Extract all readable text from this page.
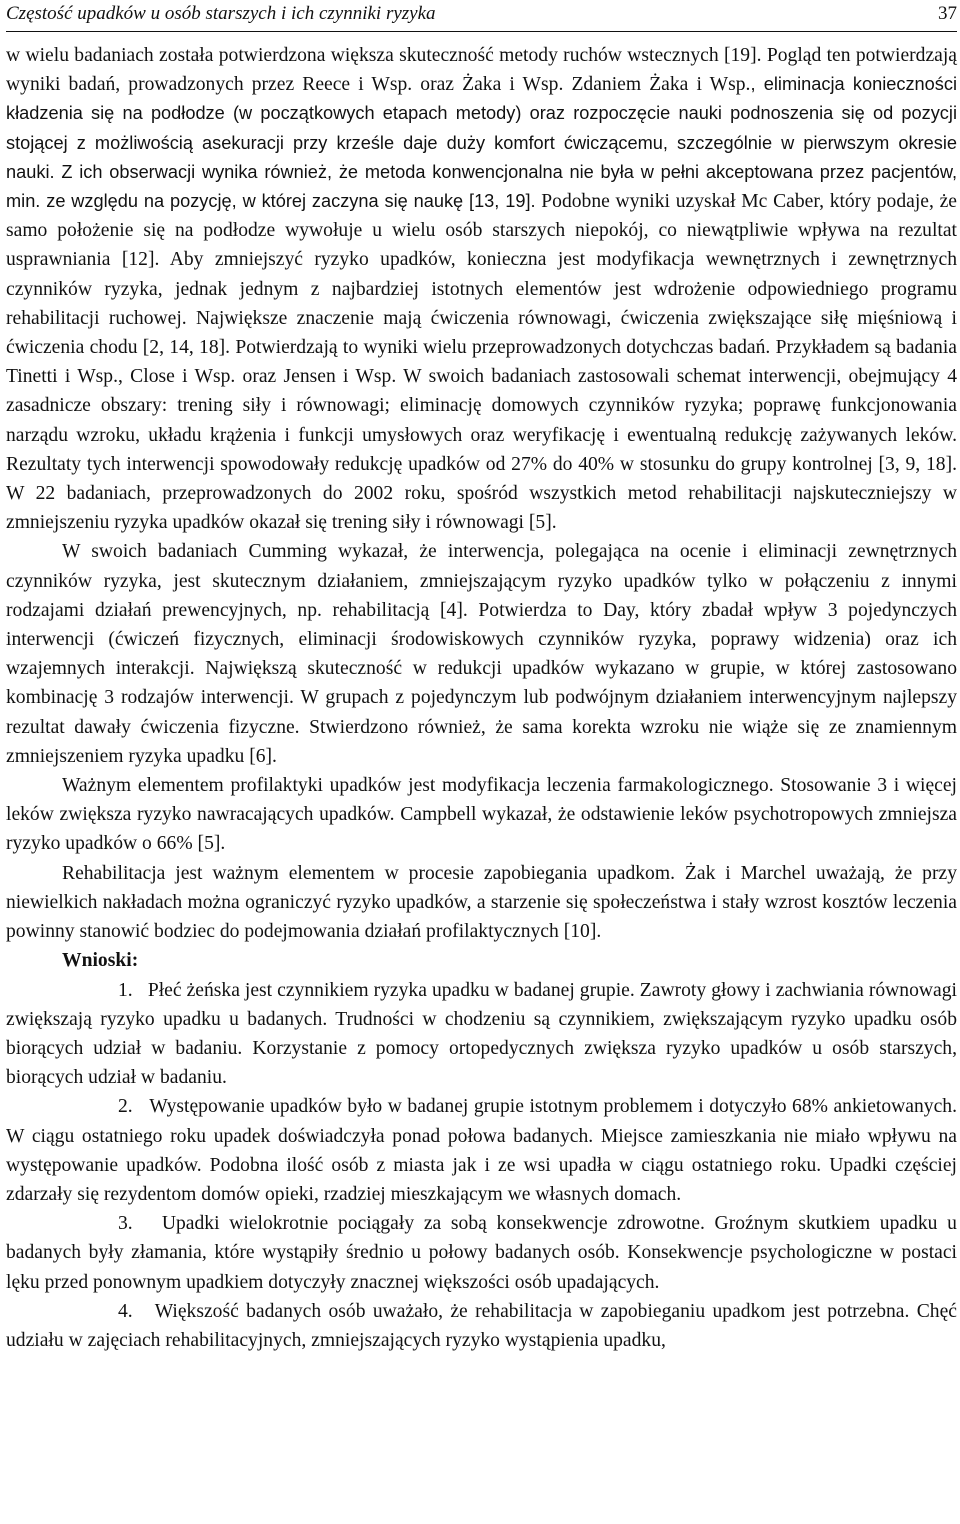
Częstość upadków u osób starszych i ich czynniki ryzyka	37

w wielu badaniach została potwierdzona większa skuteczność metody ruchów wstecznych [19]. Pogląd ten potwierdzają wyniki badań, prowadzonych przez Reece i Wsp. oraz Żaka i Wsp. Zdaniem Żaka i Wsp., eliminacja konieczności kładzenia się na podłodze (w początkowych etapach metody) oraz rozpoczęcie nauki podnoszenia się od pozycji stojącej z możliwością asekuracji przy krześle daje duży komfort ćwiczącemu, szczególnie w pierwszym okresie nauki. Z ich obserwacji wynika również, że metoda konwencjonalna nie była w pełni akceptowana przez pacjentów, min. ze względu na pozycję, w której zaczyna się naukę [13, 19]. Podobne wyniki uzyskał Mc Caber, który podaje, że samo położenie się na podłodze wywołuje u wielu osób starszych niepokój, co niewątpliwie wpływa na rezultat usprawniania [12]. Aby zmniejszyć ryzyko upadków, konieczna jest modyfikacja wewnętrznych i zewnętrznych czynników ryzyka, jednak jednym z najbardziej istotnych elementów jest wdrożenie odpowiedniego programu rehabilitacji ruchowej. Największe znaczenie mają ćwiczenia równowagi, ćwiczenia zwiększające siłę mięśniową i ćwiczenia chodu [2, 14, 18]. Potwierdzają to wyniki wielu przeprowadzonych dotychczas badań. Przykładem są badania Tinetti i Wsp., Close i Wsp. oraz Jensen i Wsp. W swoich badaniach zastosowali schemat interwencji, obejmujący 4 zasadnicze obszary: trening siły i równowagi; eliminację domowych czynników ryzyka; poprawę funkcjonowania narządu wzroku, układu krążenia i funkcji umysłowych oraz weryfikację i ewentualną redukcję zażywanych leków. Rezultaty tych interwencji spowodowały redukcję upadków od 27% do 40% w stosunku do grupy kontrolnej [3, 9, 18]. W 22 badaniach, przeprowadzonych do 2002 roku, spośród wszystkich metod rehabilitacji najskuteczniejszy w zmniejszeniu ryzyka upadków okazał się trening siły i równowagi [5].

W swoich badaniach Cumming wykazał, że interwencja, polegająca na ocenie i eliminacji zewnętrznych czynników ryzyka, jest skutecznym działaniem, zmniejszającym ryzyko upadków tylko w połączeniu z innymi rodzajami działań prewencyjnych, np. rehabilitacją [4]. Potwierdza to Day, który zbadał wpływ 3 pojedynczych interwencji (ćwiczeń fizycznych, eliminacji środowiskowych czynników ryzyka, poprawy widzenia) oraz ich wzajemnych interakcji. Największą skuteczność w redukcji upadków wykazano w grupie, w której zastosowano kombinację 3 rodzajów interwencji. W grupach z pojedynczym lub podwójnym działaniem interwencyjnym najlepszy rezultat dawały ćwiczenia fizyczne. Stwierdzono również, że sama korekta wzroku nie wiąże się ze znamiennym zmniejszeniem ryzyka upadku [6].

Ważnym elementem profilaktyki upadków jest modyfikacja leczenia farmakologicznego. Stosowanie 3 i więcej leków zwiększa ryzyko nawracających upadków. Campbell wykazał, że odstawienie leków psychotropowych zmniejsza ryzyko upadków o 66% [5].

Rehabilitacja jest ważnym elementem w procesie zapobiegania upadkom. Żak i Marchel uważają, że przy niewielkich nakładach można ograniczyć ryzyko upadków, a starzenie się społeczeństwa i stały wzrost kosztów leczenia powinny stanowić bodziec do podejmowania działań profilaktycznych [10].

Wnioski:

1. Płeć żeńska jest czynnikiem ryzyka upadku w badanej grupie. Zawroty głowy i zachwiania równowagi zwiększają ryzyko upadku u badanych. Trudności w chodzeniu są czynnikiem, zwiększającym ryzyko upadku osób biorących udział w badaniu. Korzystanie z pomocy ortopedycznych zwiększa ryzyko upadków u osób starszych, biorących udział w badaniu.

2. Występowanie upadków było w badanej grupie istotnym problemem i dotyczyło 68% ankietowanych. W ciągu ostatniego roku upadek doświadczyła ponad połowa badanych. Miejsce zamieszkania nie miało wpływu na występowanie upadków. Podobna ilość osób z miasta jak i ze wsi upadła w ciągu ostatniego roku. Upadki częściej zdarzały się rezydentom domów opieki, rzadziej mieszkającym we własnych domach.

3. Upadki wielokrotnie pociągały za sobą konsekwencje zdrowotne. Groźnym skutkiem upadku u badanych były złamania, które wystąpiły średnio u połowy badanych osób. Konsekwencje psychologiczne w postaci lęku przed ponownym upadkiem dotyczyły znacznej większości osób upadających.

4. Większość badanych osób uważało, że rehabilitacja w zapobieganiu upadkom jest potrzebna. Chęć udziału w zajęciach rehabilitacyjnych, zmniejszających ryzyko wystąpienia upadku,
